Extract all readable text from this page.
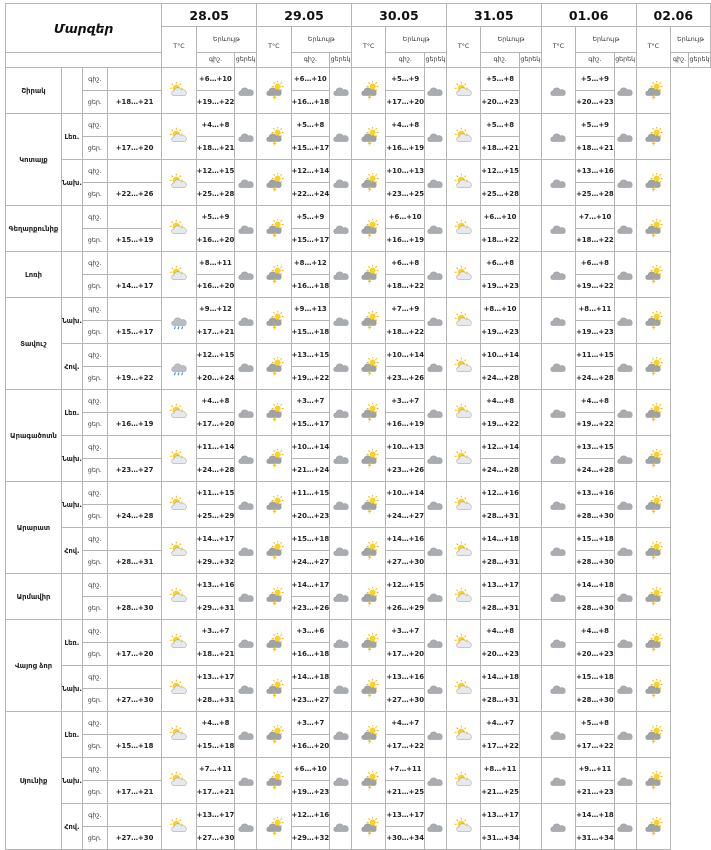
Մարզեր				28.05			29.05			30.05			31.05			01.06			02.06		
				T°C	Երևույթ		T°C	Երևույթ		T°C	Երևույթ		T°C	Երևույթ		T°C	Երևույթ		T°C	Երևույթ	
					գիշ.	ցերեկ		գիշ.	ցերեկ		գիշ.	ցերեկ		գիշ.	ցերեկ		գիշ.	ցերեկ		գիշ.	ցերեկ
Շիրակ		գիշ.			+6…+10			+6…+10			+5…+9			+5…+8			+5…+9	

		ցեր.	+18…+21		+19…+22			+16…+18			+17…+20			+20…+23			+20…+23				
Կոտայք	Լեռ.	գիշ.			+4…+8			+5…+8			+4…+8			+5…+8			+5…+9	

		ցեր.	+17…+20		+18…+21			+15…+17			+16…+19			+18…+21			+18…+21				
	Նախ.	գիշ.			+12…+15			+12…+14			+10…+13			+12…+15			+13…+16	

		ցեր.	+22…+26		+25…+28			+22…+24			+23…+25			+25…+28			+25…+28				
Գեղարքունիք		գիշ.			+5…+9			+5…+9			+6…+10			+6…+10			+7…+10	

		ցեր.	+15…+19		+16…+20			+15…+17			+16…+19			+18…+22			+18…+22				
Լոռի		գիշ.			+8…+11			+8…+12			+6…+8			+6…+8			+6…+8	

		ցեր.	+14…+17		+16…+20			+16…+18			+18…+22			+19…+23			+19…+22				
Տավուշ	Նախ.	գիշ.			+9…+12			+9…+13			+7…+9			+8…+10			+8…+11	

		ցեր.	+15…+17		+17…+21			+15…+18			+18…+22			+19…+23			+19…+23				
	Հով.	գիշ.			+12…+15			+13…+15			+10…+14			+10…+14			+11…+15	

		ցեր.	+19…+22		+20…+24			+19…+22			+23…+26			+24…+28			+24…+28				
Արագածոտն	Լեռ.	գիշ.			+4…+8			+3…+7			+3…+7			+4…+8			+4…+8	

		ցեր.	+16…+19		+17…+20			+15…+17			+16…+19			+19…+22			+19…+22				
	Նախ.	գիշ.			+11…+14			+10…+14			+10…+13			+12…+14			+13…+15	

		ցեր.	+23…+27		+24…+28			+21…+24			+23…+26			+24…+28			+24…+28				
Արարատ	Նախ.	գիշ.			+11…+15			+11…+15			+10…+14			+12…+16			+13…+16	

		ցեր.	+24…+28		+25…+29			+20…+23			+24…+27			+28…+31			+28…+30				
	Հով.	գիշ.			+14…+17			+15…+18			+14…+16			+14…+18			+15…+18	

		ցեր.	+28…+31		+29…+32			+24…+27			+27…+30			+28…+31			+28…+30				
Արմավիր		գիշ.			+13…+16			+14…+17			+12…+15			+13…+17			+14…+18	

		ցեր.	+28…+30		+29…+31			+23…+26			+26…+29			+28…+31			+28…+30				
Վայոց ձոր	Լեռ.	գիշ.			+3…+7			+3…+6			+3…+7			+4…+8			+4…+8	

		ցեր.	+17…+20		+18…+21			+16…+18			+17…+20			+20…+23			+20…+23				
	Նախ.	գիշ.			+13…+17			+14…+18			+13…+16			+14…+18			+15…+18	

		ցեր.	+27…+30		+28…+31			+23…+27			+27…+30			+28…+31			+28…+30				
Սյունիք	Լեռ.	գիշ.			+4…+8			+3…+7			+4…+7			+4…+7			+5…+8	

		ցեր.	+15…+18		+15…+18			+16…+20			+17…+22			+17…+22			+17…+22				
	Նախ.	գիշ.			+7…+11			+6…+10			+7…+11			+8…+11			+9…+11	

		ցեր.	+17…+21		+17…+21			+19…+23			+21…+25			+21…+25			+21…+23				
	Հով.	գիշ.			+13…+17			+12…+16			+13…+17			+13…+17			+14…+18	

		ցեր.	+27…+30		+27…+30			+29…+32			+30…+34			+31…+34			+31…+34				
